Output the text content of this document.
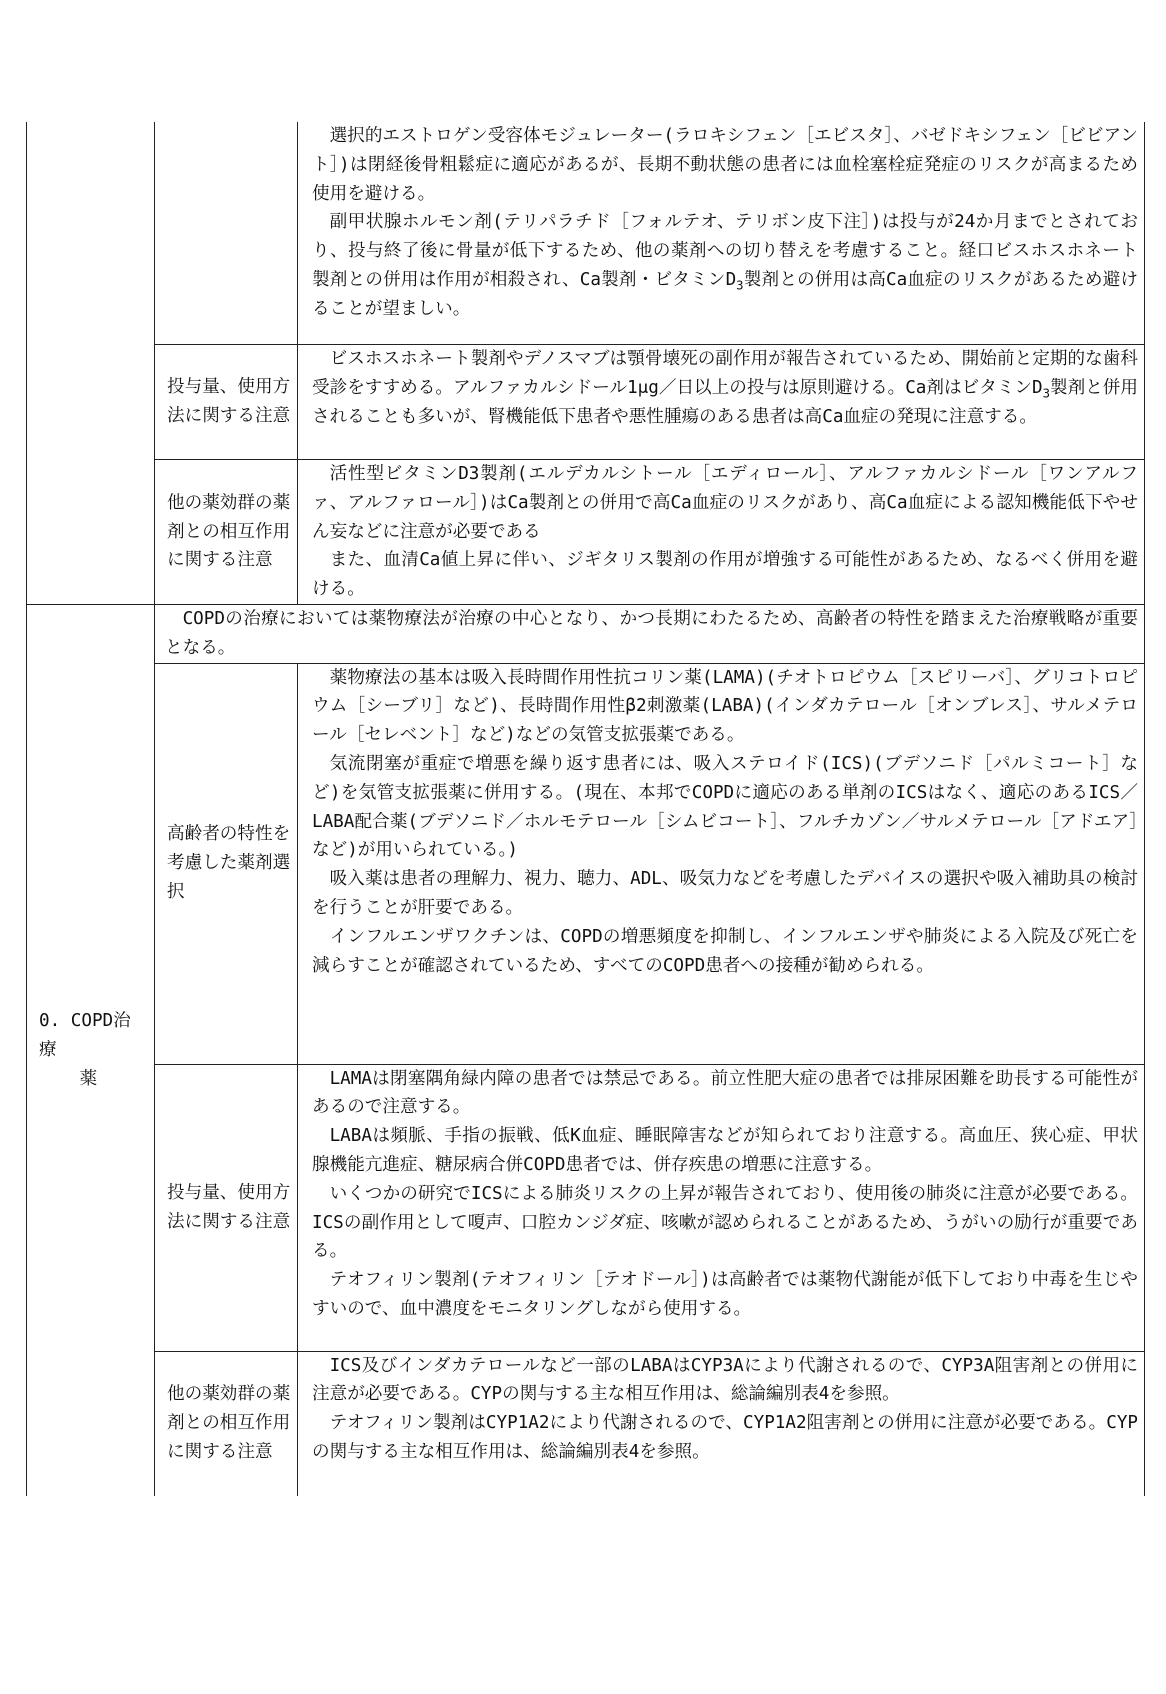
		選択的エストロゲン受容体モジュレーター(ラロキシフェン［エビスタ］、バゼドキシフェン［ビビアント］)は閉経後骨粗鬆症に適応があるが、長期不動状態の患者には血栓塞栓症発症のリスクが高まるため使用を避ける。

副甲状腺ホルモン剤(テリパラチド［フォルテオ、テリボン皮下注］)は投与が24か月までとされており、投与終了後に骨量が低下するため、他の薬剤への切り替えを考慮すること。経口ビスホスホネート製剤との併用は作用が相殺され、Ca製剤・ビタミン$D_3$製剤との併用は高Ca血症のリスクがあるため避けることが望ましい。

	投与量、使用方法に関する注意	ビスホスホネート製剤やデノスマブは顎骨壊死の副作用が報告されているため、開始前と定期的な歯科受診をすすめる。アルファカルシドール1μg／日以上の投与は原則避ける。Ca剤はビタミン$D_3$製剤と併用されることも多いが、腎機能低下患者や悪性腫瘍のある患者は高Ca血症の発現に注意する。

	他の薬効群の薬剤との相互作用に関する注意	活性型ビタミンD3製剤(エルデカルシトール［エディロール］、アルファカルシドール［ワンアルファ、アルファロール］)はCa製剤との併用で高Ca血症のリスクがあり、高Ca血症による認知機能低下やせん妄などに注意が必要である

また、血清Ca値上昇に伴い、ジギタリス製剤の作用が増強する可能性があるため、なるべく併用を避ける。

0. COPD治療
薬	COPDの治療においては薬物療法が治療の中心となり、かつ長期にわたるため、高齢者の特性を踏まえた治療戦略が重要となる。	

	高齢者の特性を考慮した薬剤選択	薬物療法の基本は吸入長時間作用性抗コリン薬(LAMA)(チオトロピウム［スピリーバ］、グリコトロピウム［シーブリ］など)、長時間作用性β2刺激薬(LABA)(インダカテロール［オンブレス］、サルメテロール［セレベント］など)などの気管支拡張薬である。

気流閉塞が重症で増悪を繰り返す患者には、吸入ステロイド(ICS)(ブデソニド［パルミコート］など)を気管支拡張薬に併用する。(現在、本邦でCOPDに適応のある単剤のICSはなく、適応のあるICS／LABA配合薬(ブデソニド／ホルモテロール［シムビコート］、フルチカゾン／サルメテロール［アドエア］など)が用いられている。)

吸入薬は患者の理解力、視力、聴力、ADL、吸気力などを考慮したデバイスの選択や吸入補助具の検討を行うことが肝要である。

インフルエンザワクチンは、COPDの増悪頻度を抑制し、インフルエンザや肺炎による入院及び死亡を減らすことが確認されているため、すべてのCOPD患者への接種が勧められる。

	投与量、使用方法に関する注意	LAMAは閉塞隅角緑内障の患者では禁忌である。前立性肥大症の患者では排尿困難を助長する可能性があるので注意する。

LABAは頻脈、手指の振戦、低K血症、睡眠障害などが知られており注意する。高血圧、狭心症、甲状腺機能亢進症、糖尿病合併COPD患者では、併存疾患の増悪に注意する。

いくつかの研究でICSによる肺炎リスクの上昇が報告されており、使用後の肺炎に注意が必要である。ICSの副作用として嗄声、口腔カンジダ症、咳嗽が認められることがあるため、うがいの励行が重要である。

テオフィリン製剤(テオフィリン［テオドール］)は高齢者では薬物代謝能が低下しており中毒を生じやすいので、血中濃度をモニタリングしながら使用する。

	他の薬効群の薬剤との相互作用に関する注意	ICS及びインダカテロールなど一部のLABAはCYP3Aにより代謝されるので、CYP3A阻害剤との併用に注意が必要である。CYPの関与する主な相互作用は、総論編別表4を参照。

テオフィリン製剤はCYP1A2により代謝されるので、CYP1A2阻害剤との併用に注意が必要である。CYPの関与する主な相互作用は、総論編別表4を参照。
